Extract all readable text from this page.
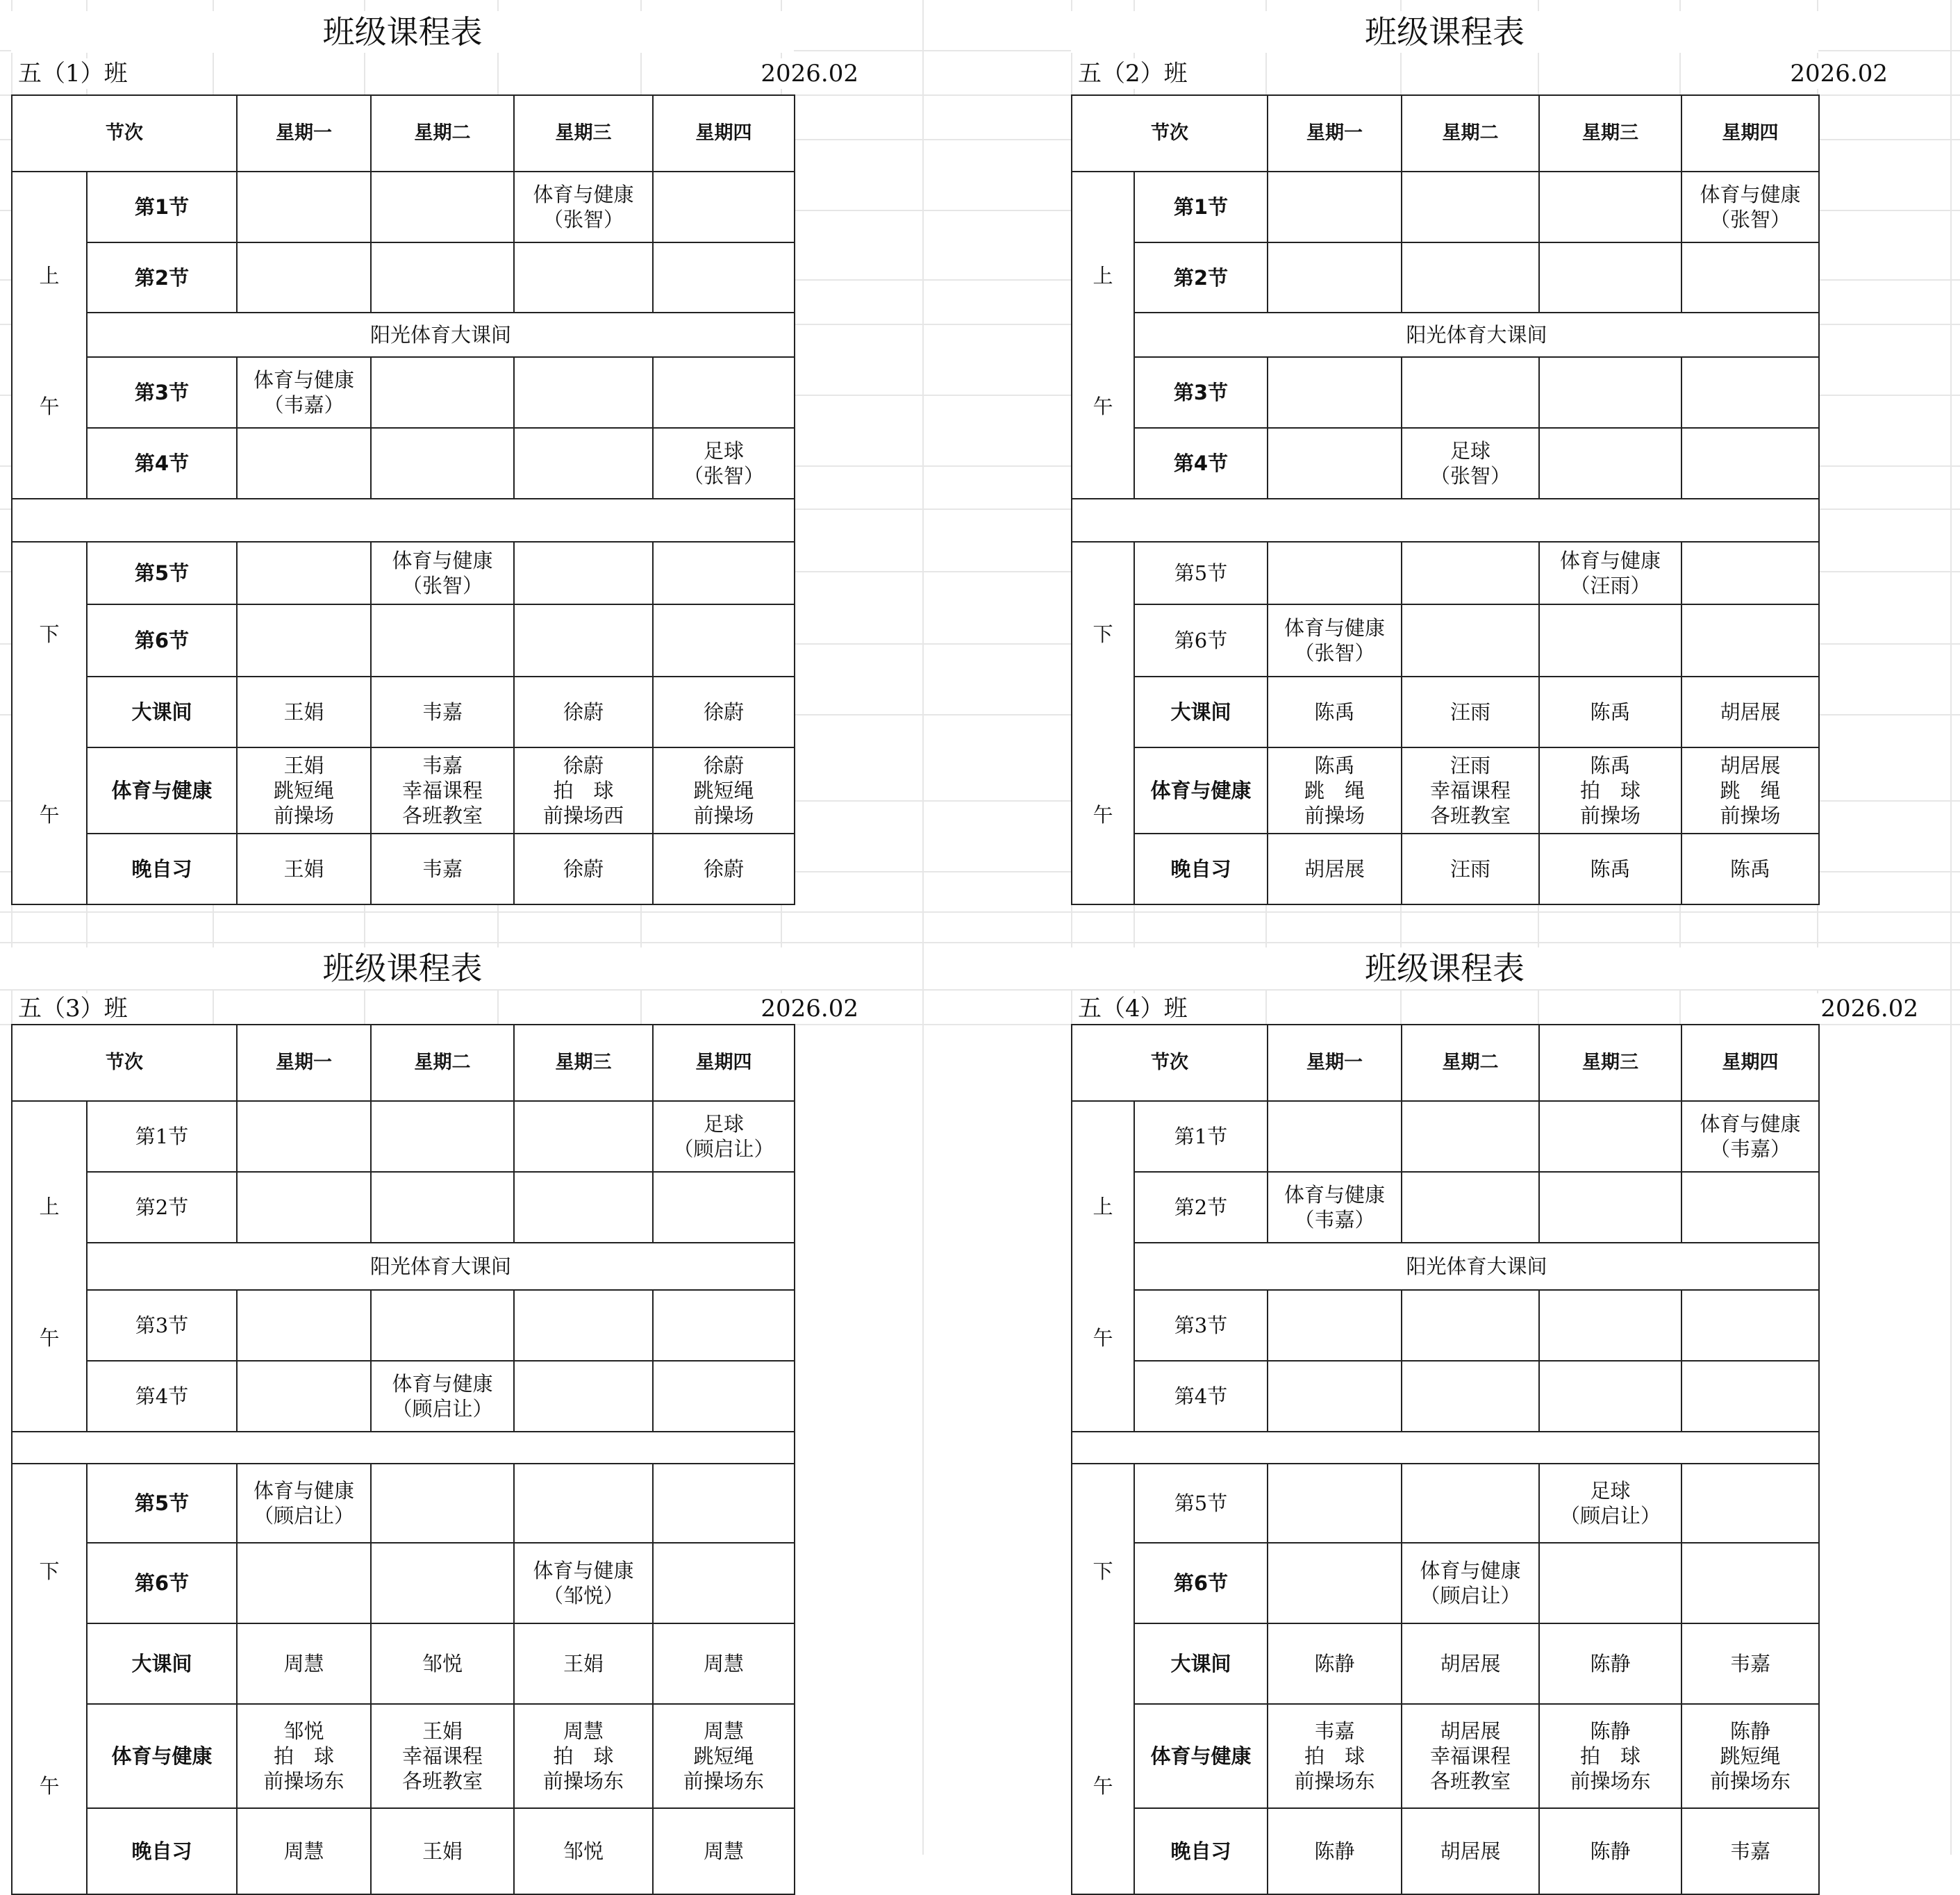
班级课程表
五（1）班	2026.02
节次		星期一	星期二	星期三	星期四	

上
午	第1节			体育与健康
（张智）

	第2节					
	阳光体育大课间					
	第3节	体育与健康
（韦嘉）				

	第4节				足球
（张智）	

下
午	第5节		体育与健康
（张智）			

	第6节					
	大课间	王娟	韦嘉	徐蔚	徐蔚	

	体育与健康	王娟
跳短绳
前操场	韦嘉
幸福课程
各班教室	徐蔚
拍　球
前操场西	徐蔚
跳短绳
前操场	

	晚自习	王娟	韦嘉	徐蔚	徐蔚	

班级课程表
五（2）班	2026.02
节次		星期一	星期二	星期三	星期四	

上
午	第1节				体育与健康
（张智）	

	第2节					

	阳光体育大课间					
	第3节					
	第4节		足球
（张智）			

下
午	第5节			体育与健康
（汪雨）		

	第6节	体育与健康
（张智）				

	大课间	陈禹	汪雨	陈禹	胡居展	

	体育与健康	陈禹
跳　绳
前操场	汪雨
幸福课程
各班教室	陈禹
拍　球
前操场	胡居展
跳　绳
前操场	

	晚自习	胡居展	汪雨	陈禹	陈禹	

班级课程表
五（3）班	2026.02
节次		星期一	星期二	星期三	星期四	

上
午	第1节				足球
（顾启让）	

	第2节					

	阳光体育大课间					
	第3节					
	第4节		体育与健康
（顾启让）			

下
午	第5节	体育与健康
（顾启让）				

	第6节			体育与健康
（邹悦）		

	大课间	周慧	邹悦	王娟	周慧	

	体育与健康	邹悦
拍　球
前操场东	王娟
幸福课程
各班教室	周慧
拍　球
前操场东	周慧
跳短绳
前操场东	

	晚自习	周慧	王娟	邹悦	周慧	

班级课程表
五（4）班	2026.02
节次		星期一	星期二	星期三	星期四	

上
午	第1节				体育与健康
（韦嘉）	

	第2节	体育与健康
（韦嘉）				

	阳光体育大课间					
	第3节					
	第4节					

下
午	第5节			足球
（顾启让）		

	第6节		体育与健康
（顾启让）			

	大课间	陈静	胡居展	陈静	韦嘉	

	体育与健康	韦嘉
拍　球
前操场东	胡居展
幸福课程
各班教室	陈静
拍　球
前操场东	陈静
跳短绳
前操场东	

	晚自习	陈静	胡居展	陈静	韦嘉	
